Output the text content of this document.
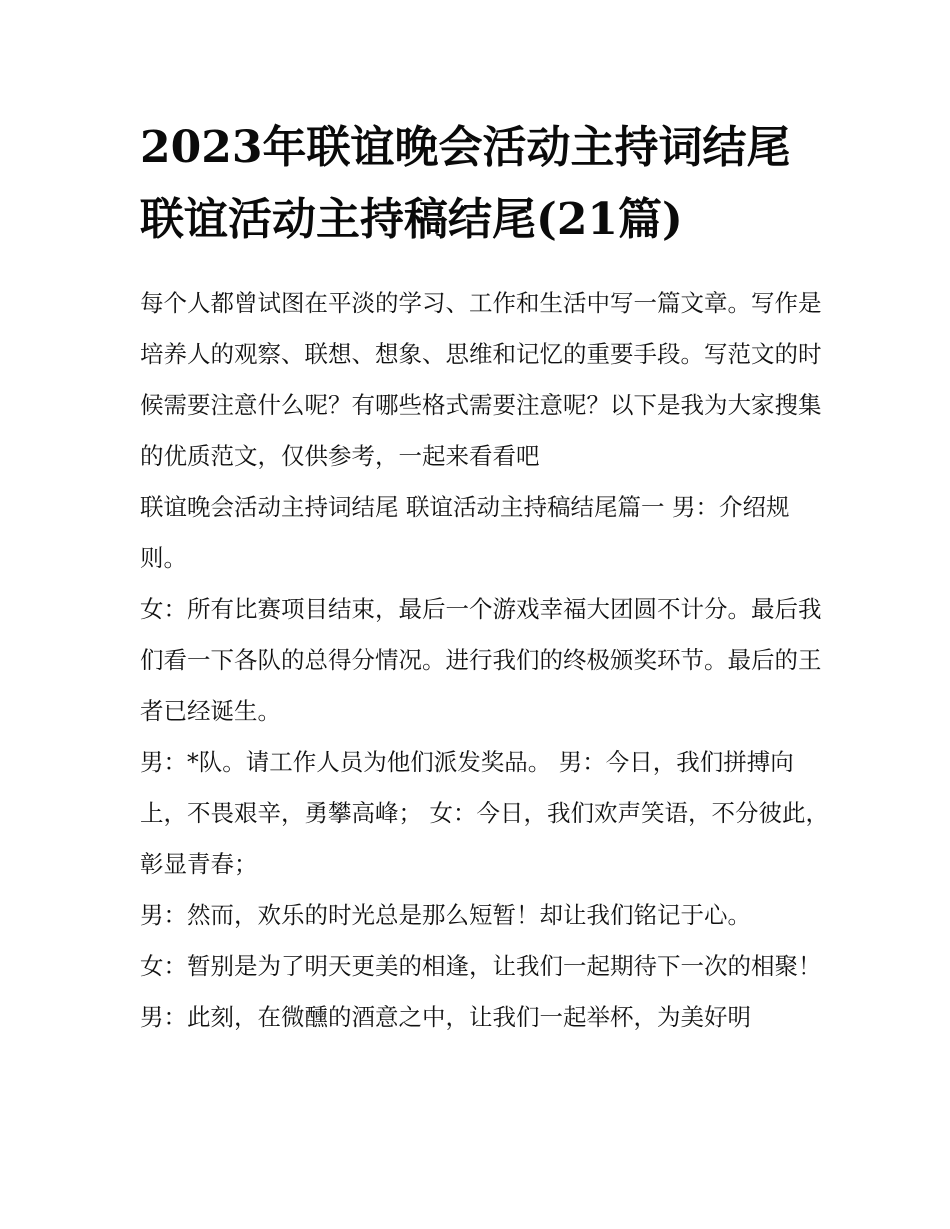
2023年联谊晚会活动主持词结尾 联谊活动主持稿结尾(21篇)

每个人都曾试图在平淡的学习、工作和生活中写一篇文章。写作是培养人的观察、联想、想象、思维和记忆的重要手段。写范文的时候需要注意什么呢？有哪些格式需要注意呢？以下是我为大家搜集的优质范文，仅供参考，一起来看看吧

联谊晚会活动主持词结尾 联谊活动主持稿结尾篇一 男：介绍规则。

女：所有比赛项目结束，最后一个游戏幸福大团圆不计分。最后我们看一下各队的总得分情况。进行我们的终极颁奖环节。最后的王者已经诞生。

男：*队。请工作人员为他们派发奖品。 男：今日，我们拼搏向上，不畏艰辛，勇攀高峰； 女：今日，我们欢声笑语，不分彼此，彰显青春；

男：然而，欢乐的时光总是那么短暂！却让我们铭记于心。

女：暂别是为了明天更美的相逢，让我们一起期待下一次的相聚！

男：此刻，在微醺的酒意之中，让我们一起举杯，为美好明
